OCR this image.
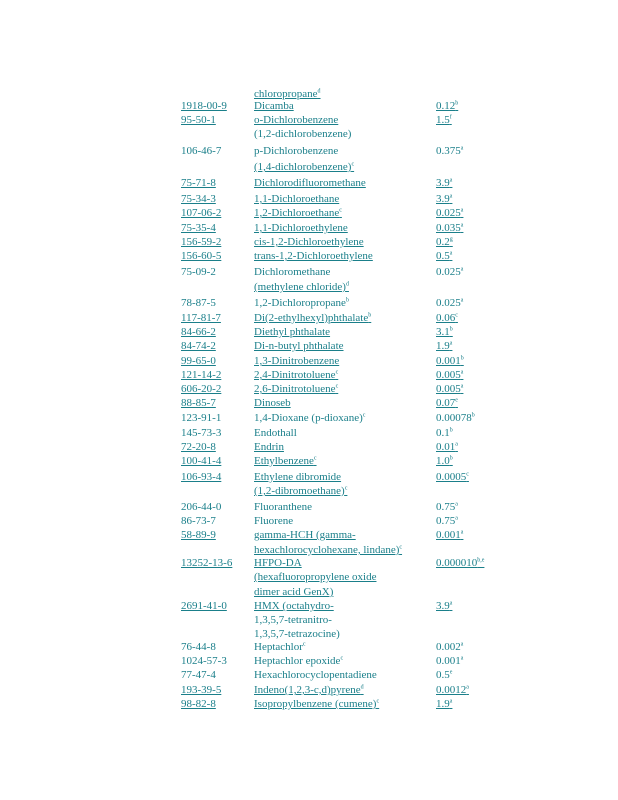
chloropropane$^d$
1918-00-9 Dicamba	0.12$^b$
95-50-1	o-Dichlorobenzene	1.5$^f$
(1,2-dichlorobenzene)
106-46-7	p-Dichlorobenzene	0.375$^a$
(1,4-dichlorobenzene)$^c$
75-71-8	Dichlorodifluoromethane	3.9$^a$
75-34-3	1,1-Dichloroethane	3.9$^a$
107-06-2	1,2-Dichloroethane$^c$	0.025$^a$
75-35-4	1,1-Dichloroethylene	0.035$^a$
156-59-2	cis-1,2-Dichloroethylene	0.2$^g$
156-60-5	trans-1,2-Dichloroethylene	0.5$^a$
75-09-2	Dichloromethane	0.025$^a$
(methylene chloride)$^d$
78-87-5	1,2-Dichloropropane$^b$	0.025$^a$
117-81-7	Di(2-ethylhexyl)phthalate$^b$	0.06$^c$
84-66-2	Diethyl phthalate	3.1$^b$
84-74-2	Di-n-butyl phthalate	1.9$^a$
99-65-0	1,3-Dinitrobenzene	0.001$^b$
121-14-2	2,4-Dinitrotoluene$^c$	0.005$^a$
606-20-2	2,6-Dinitrotoluene$^c$	0.005$^a$
88-85-7	Dinoseb	0.07e
123-91-1	1,4-Dioxane (p-dioxane)$^c$	0.00078$^b$
145-73-3	Endothall	0.1$^b$
72-20-8	Endrin	0.01$^a$
100-41-4	Ethylbenzene$^c$	1.0$^b$
106-93-4	Ethylene dibromide	0.0005$^c$
(1,2-dibromoethane)$^c$
206-44-0	Fluoranthene	0.75$^a$
86-73-7	Fluorene	0.75$^a$
58-89-9	gamma-HCH (gamma-	0.001$^a$
hexachlorocyclohexane, lindane)$^c$
13252-13-6 HFPO-DA	0.000010$^{b,e}$
(hexafluoropropylene oxide
dimer acid GenX)
2691-41-0 HMX (octahydro-	3.9$^a$
1,3,5,7-tetranitro-
1,3,5,7-tetrazocine)
76-44-8	Heptachlor$^c$	0.002$^a$
1024-57-3 Heptachlor epoxide$^c$	0.001$^a$
77-47-4	Hexachlorocyclopentadiene	0.5e
193-39-5	Indeno(1,2,3-c,d)pyrene$^d$	0.0012$^a$
98-82-8	Isopropylbenzene (cumene)$^c$	1.9$^a$
